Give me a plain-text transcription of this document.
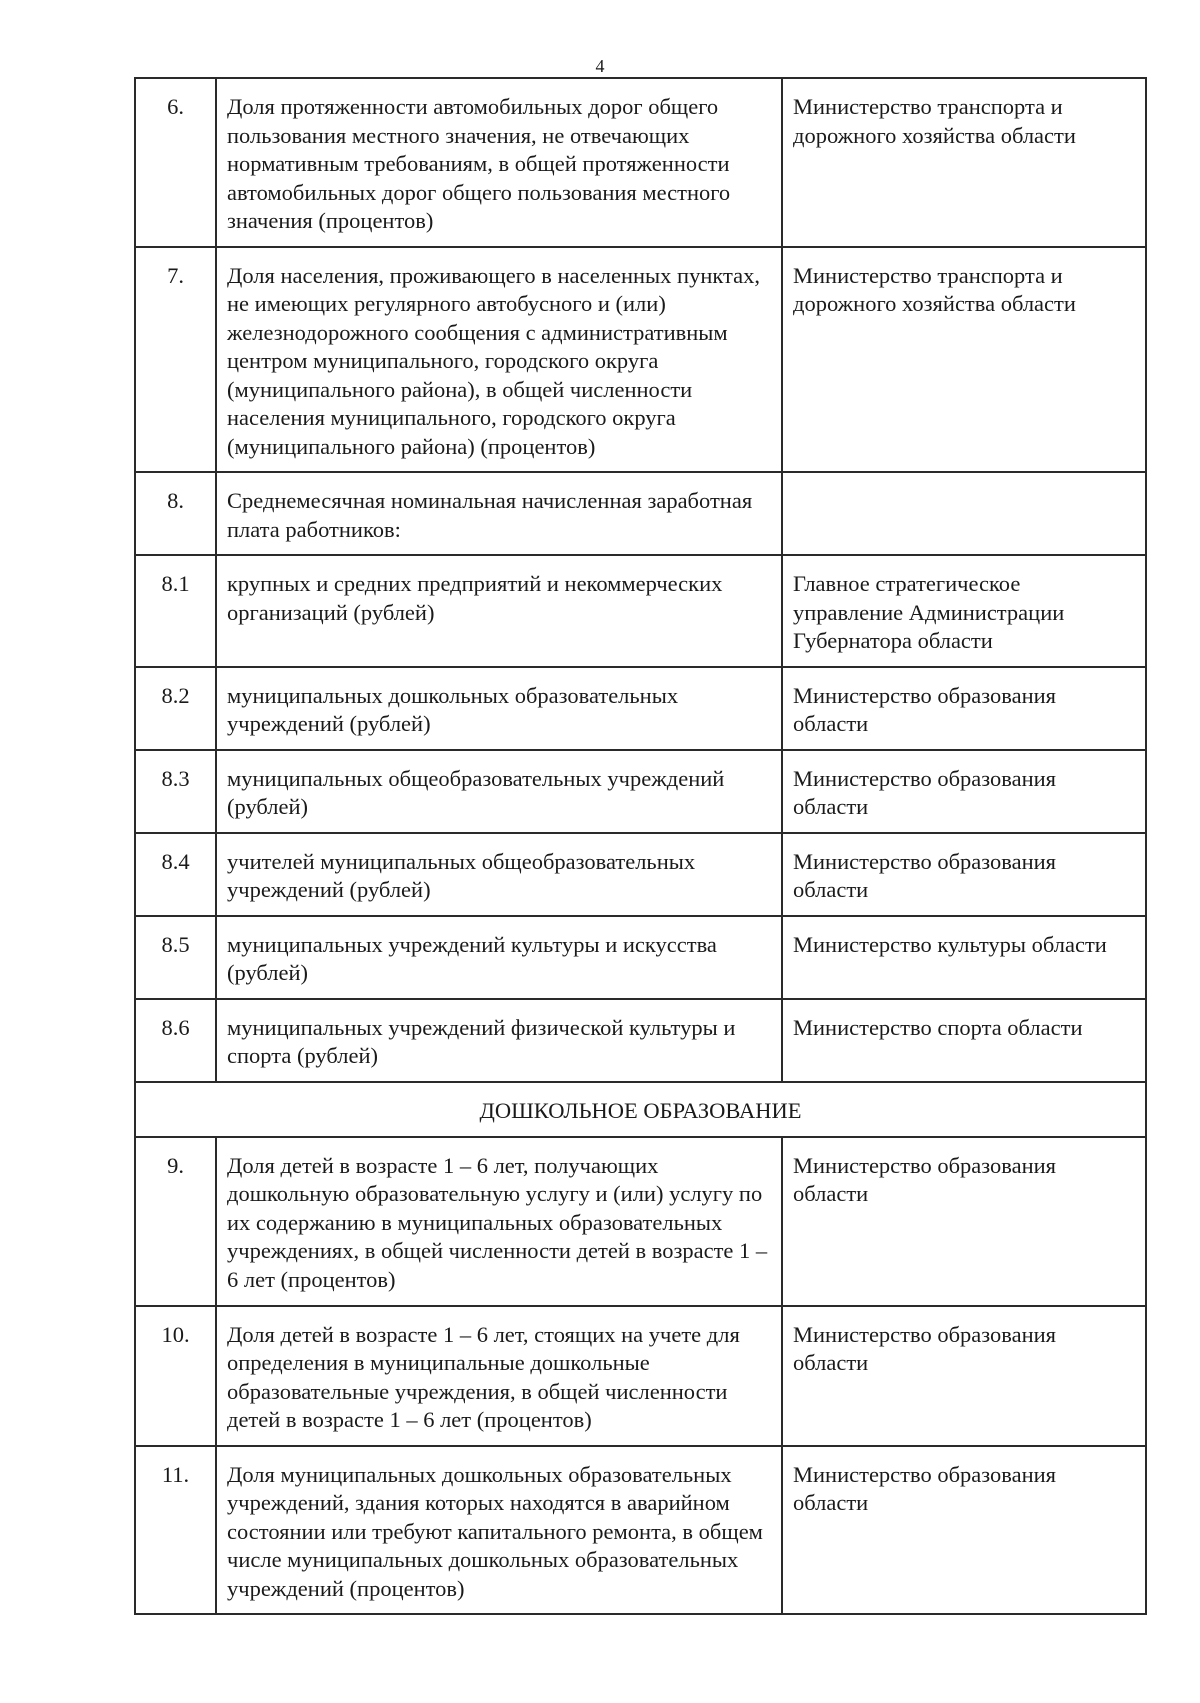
4
6.	Доля протяженности автомобильных дорог общего пользования местного значения, не отвечающих нормативным требованиям, в общей протяженности автомобильных дорог общего пользования местного значения (процентов)	Министерство транспорта и дорожного хозяйства области
7.	Доля населения, проживающего в населенных пунктах, не имеющих регулярного автобусного и (или) железнодорожного сообщения с административным центром муниципального, городского округа (муниципального района), в общей численности населения муниципального, городского округа (муниципального района) (процентов)	Министерство транспорта и дорожного хозяйства области
8.	Среднемесячная номинальная начисленная заработная плата работников:	
8.1	крупных и средних предприятий и некоммерческих организаций (рублей)	Главное стратегическое управление Администрации Губернатора области
8.2	муниципальных дошкольных образовательных учреждений (рублей)	Министерство образования области
8.3	муниципальных общеобразовательных учреждений (рублей)	Министерство образования области
8.4	учителей муниципальных общеобразовательных учреждений (рублей)	Министерство образования области
8.5	муниципальных учреждений культуры и искусства (рублей)	Министерство культуры области
8.6	муниципальных учреждений физической культуры и спорта (рублей)	Министерство спорта области
ДОШКОЛЬНОЕ ОБРАЗОВАНИЕ		
9.	Доля детей в возрасте 1 – 6 лет, получающих дошкольную образовательную услугу и (или) услугу по их содержанию в муниципальных образовательных учреждениях, в общей численности детей в возрасте 1 – 6 лет (процентов)	Министерство образования области
10.	Доля детей в возрасте 1 – 6 лет, стоящих на учете для определения в муниципальные дошкольные образовательные учреждения, в общей численности детей в возрасте 1 – 6 лет (процентов)	Министерство образования области
11.	Доля муниципальных дошкольных образовательных учреждений, здания которых находятся в аварийном состоянии или требуют капитального ремонта, в общем числе муниципальных дошкольных образовательных учреждений (процентов)	Министерство образования области
